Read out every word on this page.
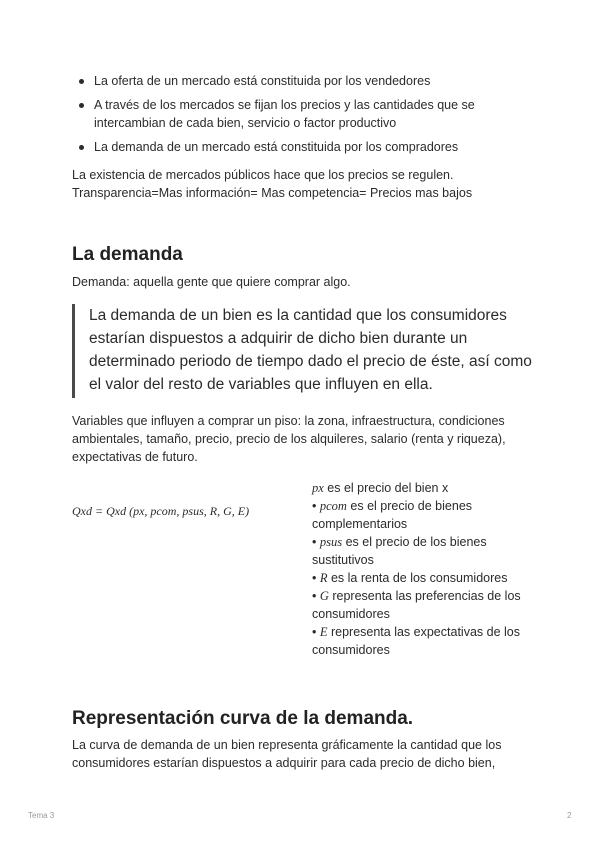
La oferta de un mercado está constituida por los vendedores
A través de los mercados se fijan los precios y las cantidades que se intercambian de cada bien, servicio o factor productivo
La demanda de un mercado está constituida por los compradores

La existencia de mercados públicos hace que los precios se regulen.
Transparencia=Mas información= Mas competencia= Precios mas bajos

La demanda

Demanda: aquella gente que quiere comprar algo.

La demanda de un bien es la cantidad que los consumidores estarían dispuestos a adquirir de dicho bien durante un determinado periodo de tiempo dado el precio de éste, así como el valor del resto de variables que influyen en ella.

Variables que influyen a comprar un piso: la zona, infraestructura, condiciones ambientales, tamaño, precio, precio de los alquileres, salario (renta y riqueza), expectativas de futuro.

Qxd = Qxd (px, pcom, psus, R, G, E)

px es el precio del bien x

• pcom es el precio de bienes complementarios

• psus es el precio de los bienes sustitutivos

• R es la renta de los consumidores

• G representa las preferencias de los consumidores

• E representa las expectativas de los consumidores

Representación curva de la demanda.

La curva de demanda de un bien representa gráficamente la cantidad que los consumidores estarían dispuestos a adquirir para cada precio de dicho bien,

Tema 3	2
